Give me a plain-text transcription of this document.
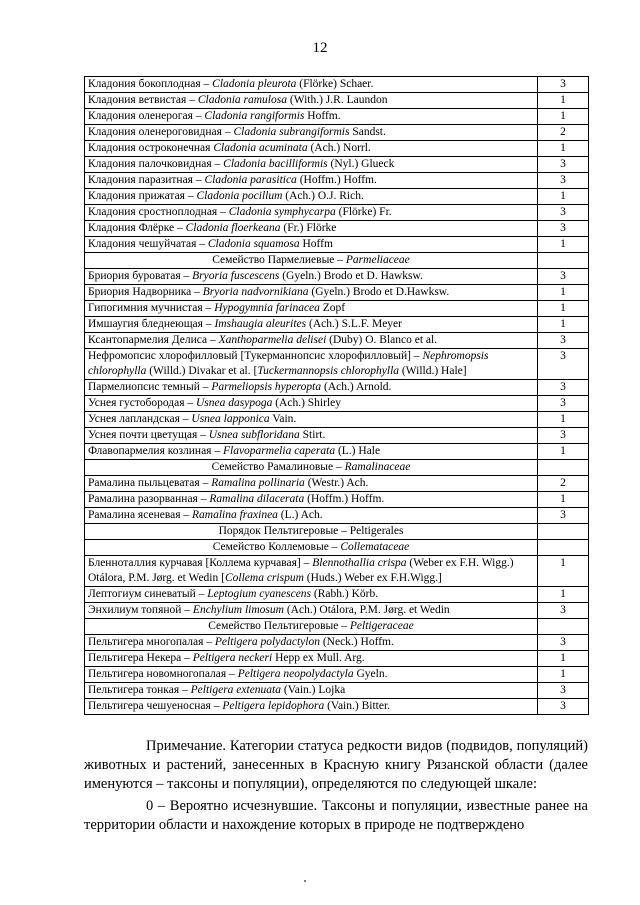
12
Кладония бокоплодная – Cladonia pleurota (Flörke) Schaer.	3
Кладония ветвистая – Cladonia ramulosa (With.) J.R. Laundon	1
Кладония оленерогая – Cladonia rangiformis Hoffm.	1
Кладония оленероговидная – Cladonia subrangiformis Sandst.	2
Кладония остроконечная Cladonia acuminata (Ach.) Norrl.	1
Кладония палочковидная – Cladonia bacilliformis (Nyl.) Glueck	3
Кладония паразитная – Cladonia parasitica (Hoffm.) Hoffm.	3
Кладония прижатая – Cladonia pocillum (Ach.) O.J. Rich.	1
Кладония сростноплодная – Cladonia symphycarpa (Flörke) Fr.	3
Кладония Флёрке – Cladonia floerkeana (Fr.) Flörke	3
Кладония чешуйчатая – Cladonia squamosa Hoffm	1
Семейство Пармелиевые – Parmeliaceae	
Бриория буроватая – Bryoria fuscescens (Gyeln.) Brodo et D. Hawksw.	3
Бриория Надворника – Bryoria nadvornikiana (Gyeln.) Brodo et D.Hawksw.	1
Гипогимния мучнистая – Hypogymnia farinacea Zopf	1
Имшаугия бледнеющая – Imshaugia aleurites (Ach.) S.L.F. Meyer	1
Ксантопармелия Делиса – Xanthoparmelia delisei (Duby) O. Blanco et al.	3
Нефромопсис хлорофилловый [Тукерманнопсис хлорофилловый] – Nephromopsis chlorophylla (Willd.) Divakar et al. [Tuckermannopsis chlorophylla (Willd.) Hale]	3
Пармелиопсис темный – Parmeliopsis hyperopta (Ach.) Arnold.	3
Уснея густобородая – Usnea dasypoga (Ach.) Shirley	3
Уснея лапландская – Usnea lapponica Vain.	1
Уснея почти цветущая – Usnea subfloridana Stirt.	3
Флавопармелия козлиная – Flavoparmelia caperata (L.) Hale	1
Семейство Рамалиновые – Ramalinaceae	
Рамалина пыльцеватая – Ramalina pollinaria (Westr.) Ach.	2
Рамалина разорванная – Ramalina dilacerata (Hoffm.) Hoffm.	1
Рамалина ясеневая – Ramalina fraxinea (L.) Ach.	3
Порядок Пельтигеровые – Peltigerales	
Семейство Коллемовые – Collemataceae	
Бленноталлия курчавая [Коллема курчавая] – Blennothallia crispa (Weber ex F.H. Wigg.) Otálora, P.M. Jørg. et Wedin [Collema crispum (Huds.) Weber ex F.H.Wigg.]	1
Лептогиум синеватый – Leptogium cyanescens (Rabh.) Körb.	1
Энхилиум топяной – Enchylium limosum (Ach.) Otálora, P.M. Jørg. et Wedin	3
Семейство Пельтигеровые – Peltigeraceae	
Пельтигера многопалая – Peltigera polydactylon (Neck.) Hoffm.	3
Пельтигера Некера – Peltigera neckeri Hepp ex Mull. Arg.	1
Пельтигера новомногопалая – Peltigera neopolydactyla Gyeln.	1
Пельтигера тонкая – Peltigera extenuata (Vain.) Lojka	3
Пельтигера чешуеносная – Peltigera lepidophora (Vain.) Bitter.	3

Примечание. Категории статуса редкости видов (подвидов, популяций) животных и растений, занесенных в Красную книгу Рязанской области (далее именуются – таксоны и популяции), определяются по следующей шкале:

0 – Вероятно исчезнувшие. Таксоны и популяции, известные ранее на территории области и нахождение которых в природе не подтверждено
